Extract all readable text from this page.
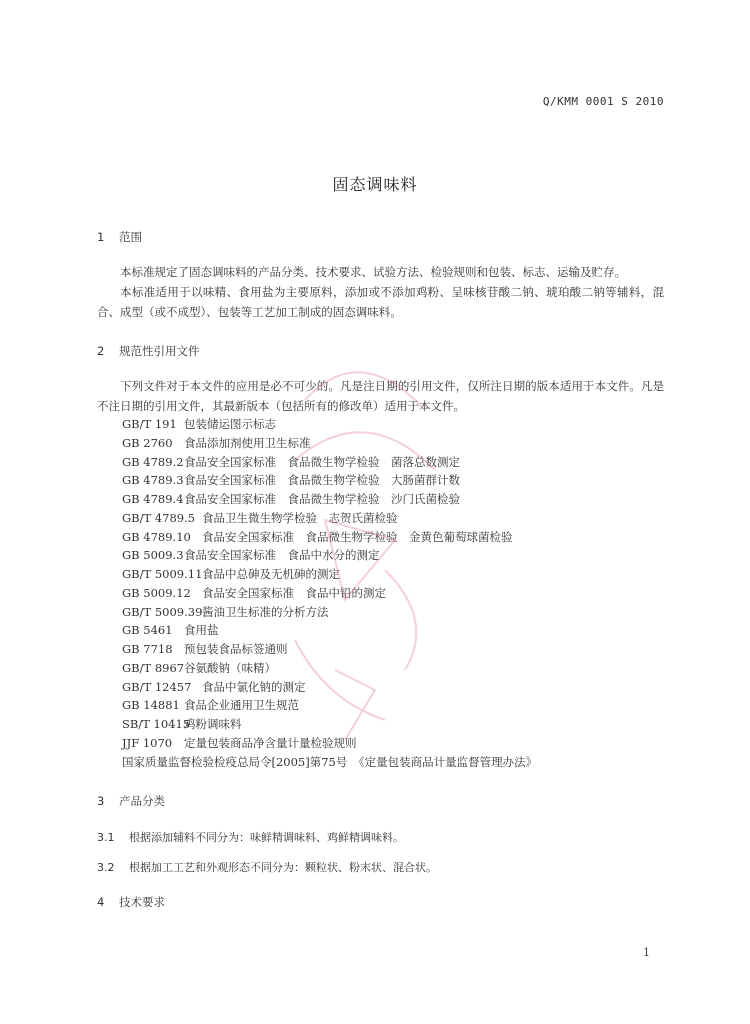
Q/KMM 0001 S 2010
固态调味料
1 范围
本标准规定了固态调味料的产品分类、技术要求、试验方法、检验规则和包装、标志、运输及贮存。
本标准适用于以味精、食用盐为主要原料，添加或不添加鸡粉、呈味核苷酸二钠、琥珀酸二钠等辅料，混合、成型（或不成型）、包装等工艺加工制成的固态调味料。
2 规范性引用文件
下列文件对于本文件的应用是必不可少的。凡是注日期的引用文件，仅所注日期的版本适用于本文件。凡是不注日期的引用文件，其最新版本（包括所有的修改单）适用于本文件。
GB/T 191 包装储运图示标志
GB 2760 食品添加剂使用卫生标准
GB 4789.2食品安全国家标准　食品微生物学检验　菌落总数测定
GB 4789.3食品安全国家标准　食品微生物学检验　大肠菌群计数
GB 4789.4食品安全国家标准　食品微生物学检验　沙门氏菌检验
GB/T 4789.5 食品卫生微生物学检验　志贺氏菌检验
GB 4789.10 食品安全国家标准　食品微生物学检验　金黄色葡萄球菌检验
GB 5009.3食品安全国家标准　食品中水分的测定
GB/T 5009.11食品中总砷及无机砷的测定
GB 5009.12 食品安全国家标准　食品中铅的测定
GB/T 5009.39酱油卫生标准的分析方法
GB 5461 食用盐
GB 7718 预包装食品标签通则
GB/T 8967谷氨酸钠（味精）
GB/T 12457 食品中氯化钠的测定
GB 14881 食品企业通用卫生规范
SB/T 10415鸡粉调味料
JJF 1070 定量包装商品净含量计量检验规则
国家质量监督检验检疫总局令[2005]第75号　《定量包装商品计量监督管理办法》
3 产品分类
3.1 根据添加辅料不同分为：味鲜精调味料、鸡鲜精调味料。
3.2 根据加工工艺和外观形态不同分为：颗粒状、粉末状、混合状。
4 技术要求
1
